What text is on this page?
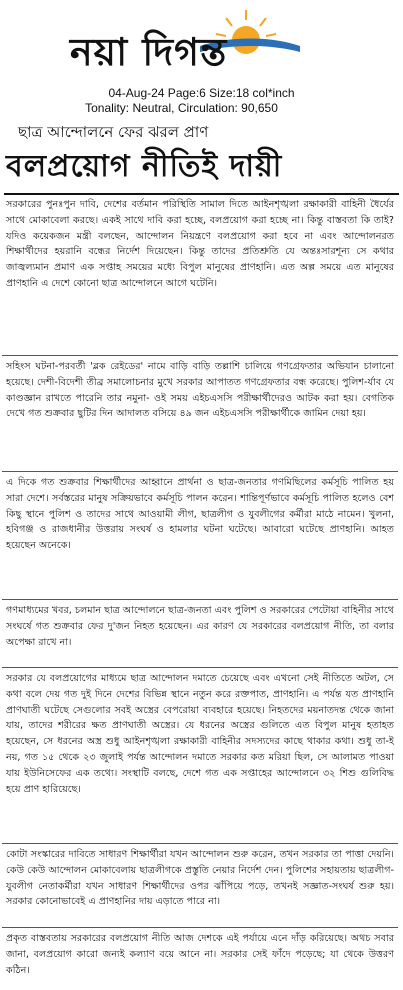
নয়া দিগন্ত
04-Aug-24 Page:6 Size:18 col*inch
Tonality: Neutral, Circulation: 90,650
ছাত্র আন্দোলনে ফের ঝরল প্রাণ
বলপ্রয়োগ নীতিই দায়ী
সরকারের পুনঃপুন দাবি, দেশের বর্তমান পরিস্থিতি সামাল দিতে আইনশৃঙ্খলা রক্ষাকারী বাহিনী ধৈর্যের সাথে মোকাবেলা করছে। একই সাথে দাবি করা হচ্ছে, বলপ্রয়োগ করা হচ্ছে না। কিন্তু বাস্তবতা কি তাই? যদিও কয়েকজন মন্ত্রী বলছেন, আন্দোলন নিয়ন্ত্রণে বলপ্রয়োগ করা হবে না এবং আন্দোলনরত শিক্ষার্থীদের হয়রানি বন্ধের নির্দেশ দিয়েছেন। কিন্তু তাদের প্রতিশ্রুতি যে অন্তঃসারশূন্য সে কথার জাজ্বল্যমান প্রমাণ এক সপ্তাহ সময়ের মধ্যে বিপুল মানুষের প্রাণহানি। এত অল্প সময়ে এত মানুষের প্রাণহানি এ দেশে কোনো ছাত্র আন্দোলনে আগে ঘটেনি।
সহিংস ঘটনা-পরবর্তী 'ব্লক রেইডের' নামে বাড়ি বাড়ি তল্লাশি চালিয়ে গণগ্রেফতার অভিযান চালানো হয়েছে। দেশী-বিদেশী তীব্র সমালোচনার মুখে সরকার আপাতত গণগ্রেফতার বন্ধ করেছে। পুলিশ-র্যাব যে কাণ্ডজ্ঞান রাখতে পারেনি তার নমুনা- ওই সময় এইচএসসি পরীক্ষার্থীদেরও আটক করা হয়। বেগতিক দেখে গত শুক্রবার ছুটির দিন আদালত বসিয়ে ৪৯ জন এইচএসসি পরীক্ষার্থীকে জামিন দেয়া হয়।
এ দিকে গত শুক্রবার শিক্ষার্থীদের আহ্বানে প্রার্থনা ও ছাত্র-জনতার গণমিছিলের কর্মসূচি পালিত হয় সারা দেশে। সর্বস্তরের মানুষ সক্রিয়ভাবে কর্মসূচি পালন করেন। শান্তিপূর্ণভাবে কর্মসূচি পালিত হলেও বেশ কিছু স্থানে পুলিশ ও তাদের সাথে আওয়ামী লীগ, ছাত্রলীগ ও যুবলীগের কর্মীরা মাঠে নামেন। খুলনা, হবিগঞ্জ ও রাজধানীর উত্তরায় সংঘর্ষ ও হামলার ঘটনা ঘটেছে। আবারো ঘটেছে প্রাণহানি। আহত হয়েছেন অনেকে।
গণমাধ্যমের খবর, চলমান ছাত্র আন্দোলনে ছাত্র-জনতা এবং পুলিশ ও সরকারের পেটোয়া বাহিনীর সাথে সংঘর্ষে গত শুক্রবার ফের দু'জন নিহত হয়েছেন। এর কারণ যে সরকারের বলপ্রয়োগ নীতি, তা বলার অপেক্ষা রাখে না।
সরকার যে বলপ্রয়োগের মাধ্যমে ছাত্র আন্দোলন দমাতে চেয়েছে এবং এখনো সেই নীতিতে অটল, সে কথা বলে দেয় গত দুই দিনে দেশের বিভিন্ন স্থানে নতুন করে রক্তপাত, প্রাণহানি। এ পর্যন্ত যত প্রাণহানি প্রাণঘাতী ঘটেছে সেগুলোর সবই অস্ত্রের বেপরোয়া ব্যবহারে হয়েছে। নিহতদের ময়নাতদন্ত থেকে জানা যায়, তাদের শরীরের ক্ষত প্রাণঘাতী অস্ত্রের। যে ধরনের অস্ত্রের গুলিতে এত বিপুল মানুষ হতাহত হয়েছেন, সে ধরনের অস্ত্র শুধু আইনশৃঙ্খলা রক্ষাকারী বাহিনীর সদস্যদের কাছে থাকার কথা। শুধু তা-ই নয়, গত ১৫ থেকে ২৩ জুলাই পর্যন্ত আন্দোলন দমাতে সরকার কত মরিয়া ছিল, সে আলামত পাওয়া যায় ইউনিসেফের এক তথ্যে। সংস্থাটি বলছে, দেশে গত এক সপ্তাহের আন্দোলনে ৩২ শিশু গুলিবিদ্ধ হয়ে প্রাণ হারিয়েছে।
কোটা সংস্কারের দাবিতে সাধারণ শিক্ষার্থীরা যখন আন্দোলন শুরু করেন, তখন সরকার তা পাত্তা দেয়নি। কেউ কেউ আন্দোলন মোকাবেলায় ছাত্রলীগকে প্রস্তুতি নেয়ার নির্দেশ দেন। পুলিশের সহায়তায় ছাত্রলীগ-যুবলীগ নেতাকর্মীরা যখন সাধারণ শিক্ষার্থীদের ওপর ঝাঁপিয়ে পড়ে, তখনই সজ্ঞাত-সংঘর্ষ শুরু হয়। সরকার কোনোভাবেই এ প্রাণহানির দায় এড়াতে পারে না।
প্রকৃত বাস্তবতায় সরকারের বলপ্রয়োগ নীতি আজ দেশকে এই পর্যায়ে এনে দাঁড় করিয়েছে। অথচ সবার জানা, বলপ্রয়োগ কারো জন্যই কল্যাণ বয়ে আনে না। সরকার সেই ফাঁদে পড়েছে; যা থেকে উত্তরণ কঠিন।
